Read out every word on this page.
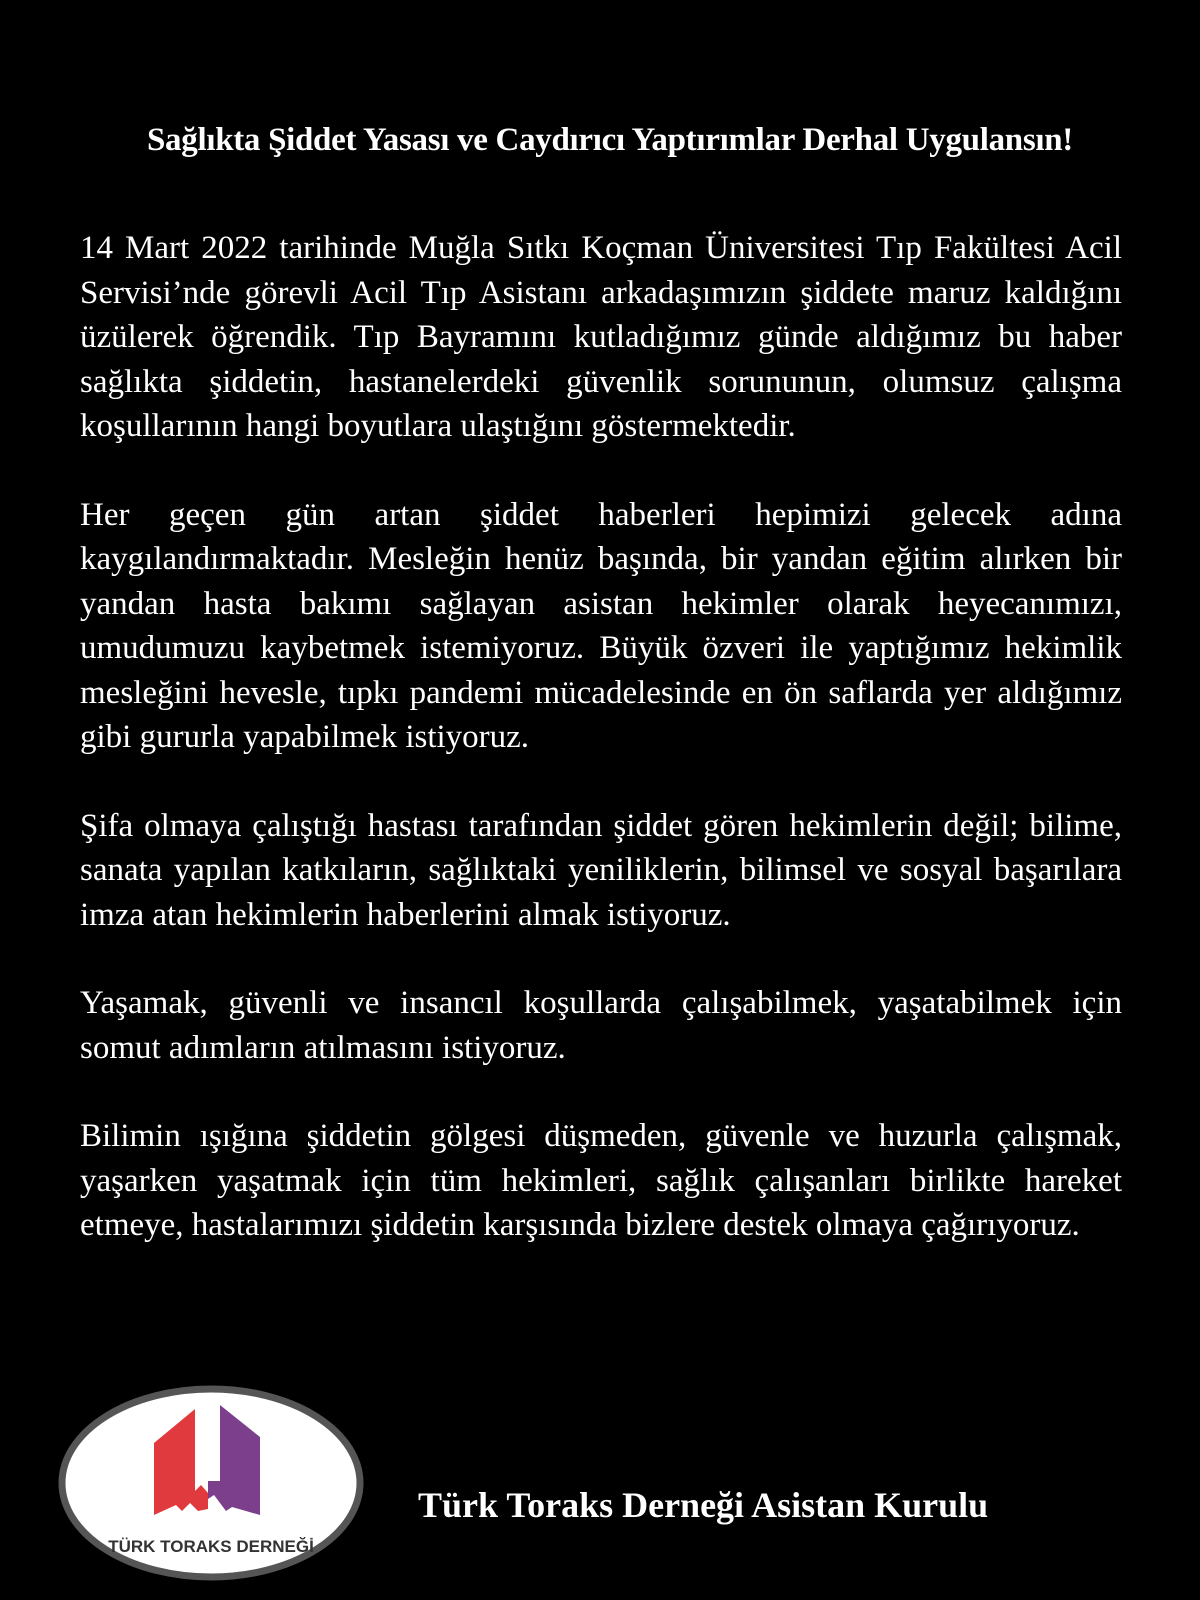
Sağlıkta Şiddet Yasası ve Caydırıcı Yaptırımlar Derhal Uygulansın!

14 Mart 2022 tarihinde Muğla Sıtkı Koçman Üniversitesi Tıp Fakültesi Acil Servisi’nde görevli Acil Tıp Asistanı arkadaşımızın şiddete maruz kaldığını üzülerek öğrendik. Tıp Bayramını kutladığımız günde aldığımız bu haber sağlıkta şiddetin, hastanelerdeki güvenlik sorununun, olumsuz çalışma koşullarının hangi boyutlara ulaştığını göstermektedir.

Her geçen gün artan şiddet haberleri hepimizi gelecek adına kaygılandırmaktadır. Mesleğin henüz başında, bir yandan eğitim alırken bir yandan hasta bakımı sağlayan asistan hekimler olarak heyecanımızı, umudumuzu kaybetmek istemiyoruz. Büyük özveri ile yaptığımız hekimlik mesleğini hevesle, tıpkı pandemi mücadelesinde en ön saflarda yer aldığımız gibi gururla yapabilmek istiyoruz.

Şifa olmaya çalıştığı hastası tarafından şiddet gören hekimlerin değil; bilime, sanata yapılan katkıların, sağlıktaki yeniliklerin, bilimsel ve sosyal başarılara imza atan hekimlerin haberlerini almak istiyoruz.

Yaşamak, güvenli ve insancıl koşullarda çalışabilmek, yaşatabilmek için somut adımların atılmasını istiyoruz.

Bilimin ışığına şiddetin gölgesi düşmeden, güvenle ve huzurla çalışmak, yaşarken yaşatmak için tüm hekimleri, sağlık çalışanları birlikte hareket etmeye, hastalarımızı şiddetin karşısında bizlere destek olmaya çağırıyoruz.

TÜRK TORAKS DERNEĞİ
Türk Toraks Derneği Asistan Kurulu
